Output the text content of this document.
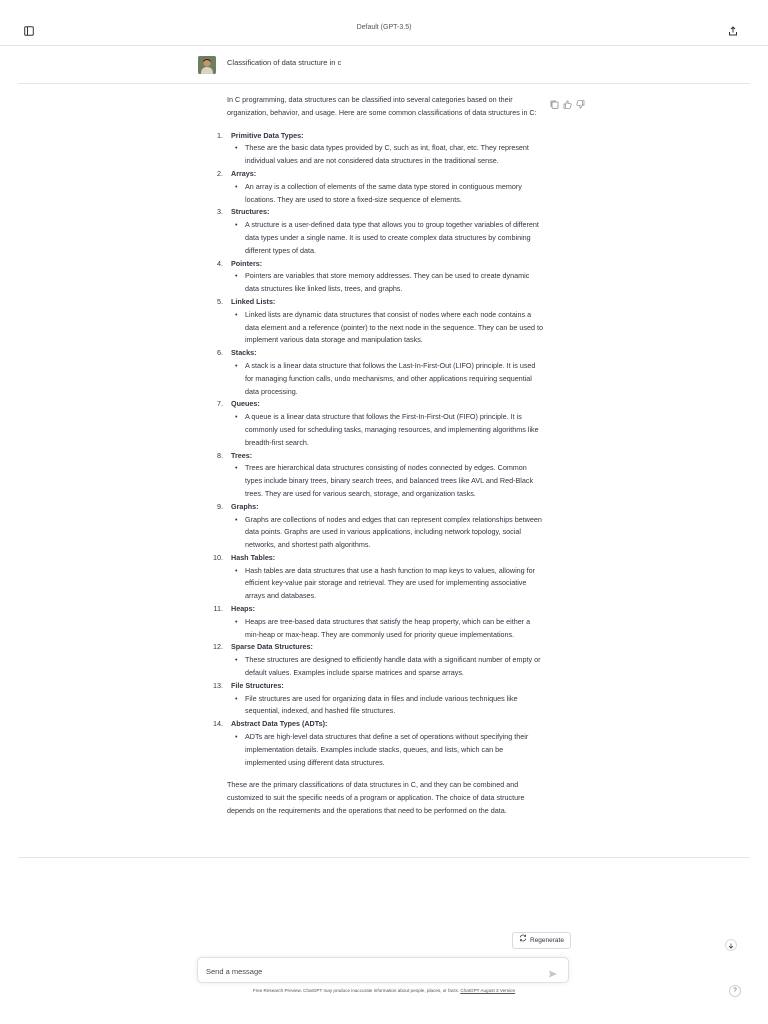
Default (GPT-3.5)
Classification of data structure in c

In C programming, data structures can be classified into several categories based on their organization, behavior, and usage. Here are some common classifications of data structures in C:

1.	Primitive Data Types:
• These are the basic data types provided by C, such as int, float, char, etc. They represent individual values and are not considered data structures in the traditional sense.
2.	Arrays:
• An array is a collection of elements of the same data type stored in contiguous memory locations. They are used to store a fixed-size sequence of elements.
3.	Structures:
• A structure is a user-defined data type that allows you to group together variables of different data types under a single name. It is used to create complex data structures by combining different types of data.
4.	Pointers:
• Pointers are variables that store memory addresses. They can be used to create dynamic data structures like linked lists, trees, and graphs.
5.	Linked Lists:
• Linked lists are dynamic data structures that consist of nodes where each node contains a data element and a reference (pointer) to the next node in the sequence. They can be used to implement various data storage and manipulation tasks.
6.	Stacks:
• A stack is a linear data structure that follows the Last-In-First-Out (LIFO) principle. It is used for managing function calls, undo mechanisms, and other applications requiring sequential data processing.
7.	Queues:
• A queue is a linear data structure that follows the First-In-First-Out (FIFO) principle. It is commonly used for scheduling tasks, managing resources, and implementing algorithms like breadth-first search.
8.	Trees:
• Trees are hierarchical data structures consisting of nodes connected by edges. Common types include binary trees, binary search trees, and balanced trees like AVL and Red-Black trees. They are used for various search, storage, and organization tasks.
9.	Graphs:
• Graphs are collections of nodes and edges that can represent complex relationships between data points. Graphs are used in various applications, including network topology, social networks, and shortest path algorithms.
10.	Hash Tables:
• Hash tables are data structures that use a hash function to map keys to values, allowing for efficient key-value pair storage and retrieval. They are used for implementing associative arrays and databases.
11.	Heaps:
• Heaps are tree-based data structures that satisfy the heap property, which can be either a min-heap or max-heap. They are commonly used for priority queue implementations.
12.	Sparse Data Structures:
• These structures are designed to efficiently handle data with a significant number of empty or default values. Examples include sparse matrices and sparse arrays.
13.	File Structures:
• File structures are used for organizing data in files and include various techniques like sequential, indexed, and hashed file structures.
14.	Abstract Data Types (ADTs):
• ADTs are high-level data structures that define a set of operations without specifying their implementation details. Examples include stacks, queues, and lists, which can be implemented using different data structures.

These are the primary classifications of data structures in C, and they can be combined and customized to suit the specific needs of a program or application. The choice of data structure depends on the requirements and the operations that need to be performed on the data.

Regenerate
Send a message
Free Research Preview. ChatGPT may produce inaccurate information about people, places, or facts. ChatGPT August 3 Version	?
